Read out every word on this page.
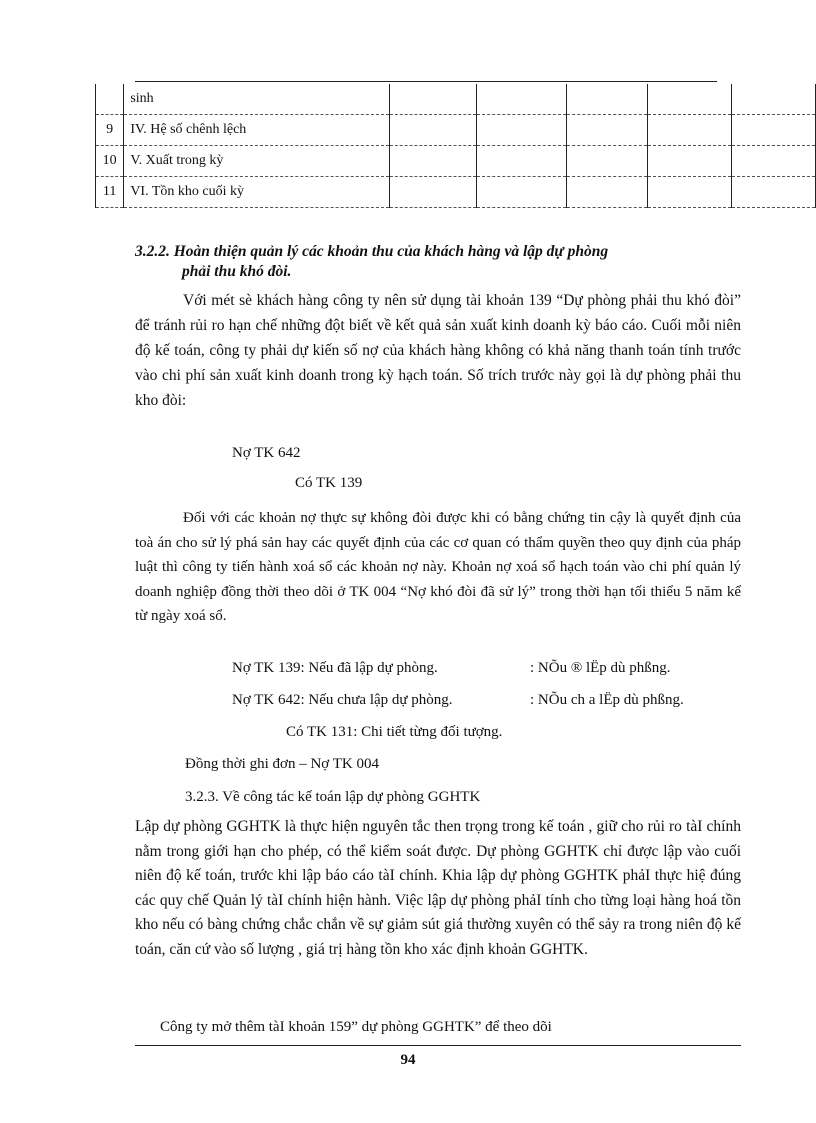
	sinh					
9	IV. Hệ số chênh lệch					
10	V. Xuất trong kỳ					
11	VI. Tồn kho cuối kỳ					
3.2.2. Hoàn thiện quản lý các khoản thu của khách hàng và lập dự phòng
phải thu khó đòi.
Với mét sè khách hàng công ty nên sử dụng tài khoản 139 “Dự phòng phải thu khó đòi” để tránh rủi ro hạn chế những đột biết về kết quả sản xuất kinh doanh kỳ báo cáo. Cuối mỗi niên độ kế toán, công ty phải dự kiến số nợ của khách hàng không có khả năng thanh toán tính trước vào chi phí sản xuất kinh doanh trong kỳ hạch toán. Số trích trước này gọi là dự phòng phải thu kho đòi:
Nợ TK 642
Có TK 139
Đối với các khoản nợ thực sự không đòi được khi có bằng chứng tin cậy là quyết định của toà án cho sử lý phá sản hay các quyết định của các cơ quan có thẩm quyền theo quy định của pháp luật thì công ty tiến hành xoá sổ các khoản nợ này. Khoản nợ xoá sổ hạch toán vào chi phí quản lý doanh nghiệp đồng thời theo dõi ở TK 004 “Nợ khó đòi đã sử lý” trong thời hạn tối thiểu 5 năm kể từ ngày xoá sổ.
Nợ TK 139: Nếu đã lập dự phòng.	: NÕu ® lËp dù phßng.
Nợ TK 642: Nếu chưa lập dự phòng.	: NÕu ch a lËp dù phßng.
Có TK 131: Chi tiết từng đối tượng.
Đồng thời ghi đơn – Nợ TK 004
3.2.3. Về công tác kế toán lập dự phòng GGHTK
Lập dự phòng GGHTK là thực hiện nguyên tắc then trọng trong kế toán , giữ cho rủi ro tàI chính nằm trong giới hạn cho phép, có thể kiểm soát được. Dự phòng GGHTK chỉ được lập vào cuối niên độ kế toán, trước khi lập báo cáo tàI chính. Khia lập dự phòng GGHTK phảI thực hiệ đúng các quy chế Quản lý tàI chính hiện hành. Việc lập dự phòng phảI tính cho từng loại hàng hoá tồn kho nếu có bàng chứng chắc chắn về sự giảm sút giá thường xuyên có thể sảy ra trong niên độ kế toán, căn cứ vào số lượng , giá trị hàng tồn kho xác định khoản GGHTK.
Công ty mở thêm tàI khoản 159” dự phòng GGHTK” để theo dõi
94
